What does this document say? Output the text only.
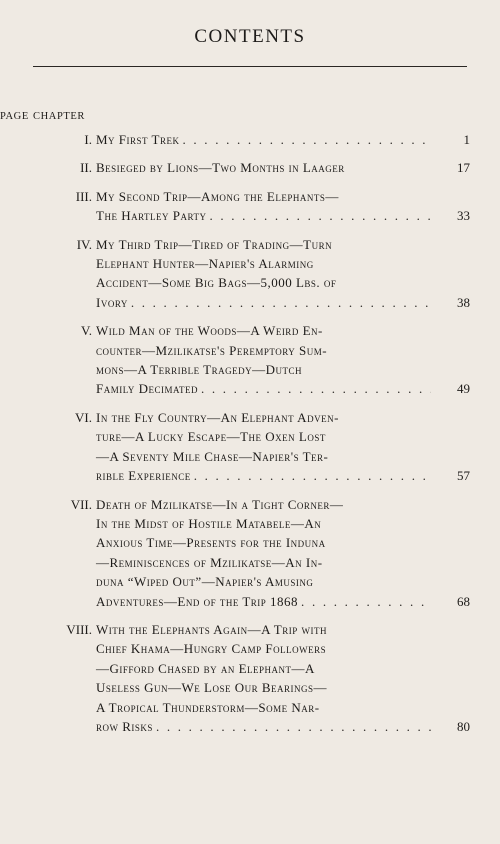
CONTENTS
CHAPTER
PAGE
I. My First Trek . . .	1
II. Besieged by Lions—Two Months in Laager	17
III. My Second Trip—Among the Elephants—
The Hartley Party . . .	33
IV. My Third Trip—Tired of Trading—Turn
Elephant Hunter—Napier's Alarming
Accident—Some Big Bags—5,000 Lbs. of
Ivory . . .	38
V. Wild Man of the Woods—A Weird En-
counter—Mzilikatse's Peremptory Sum-
mons—A Terrible Tragedy—Dutch
Family Decimated . . .	49
VI. In the Fly Country—An Elephant Adven-
ture—A Lucky Escape—The Oxen Lost
—A Seventy Mile Chase—Napier's Ter-
rible Experience . . .	57
VII. Death of Mzilikatse—In a Tight Corner—
In the Midst of Hostile Matabele—An
Anxious Time—Presents for the Induna
—Reminiscences of Mzilikatse—An In-
duna “Wiped Out”—Napier's Amusing
Adventures—End of the Trip 1868 . . .	68
VIII. With the Elephants Again—A Trip with
Chief Khama—Hungry Camp Followers
—Gifford Chased by an Elephant—A
Useless Gun—We Lose Our Bearings—
A Tropical Thunderstorm—Some Nar-
row Risks . . .	80
